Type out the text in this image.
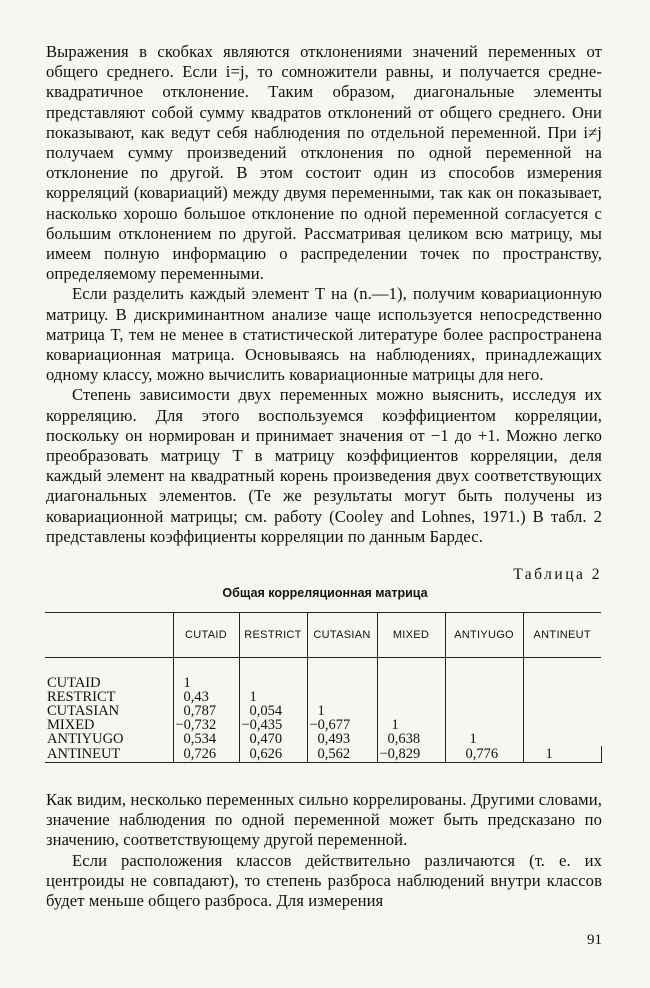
Выражения в скобках являются отклонениями значений переменных от общего среднего. Если i=j, то сомножители равны, и получается средне-квадратичное отклонение. Таким образом, диагональные элементы представляют собой сумму квадратов отклонений от общего среднего. Они показывают, как ведут себя наблюдения по отдельной переменной. При i≠j получаем сумму произведений отклонения по одной переменной на отклонение по другой. В этом состоит один из способов измерения корреляций (ковариаций) между двумя переменными, так как он показывает, насколько хорошо большое отклонение по одной переменной согласуется с большим отклонением по другой. Рассматривая целиком всю матрицу, мы имеем полную информацию о распределении точек по пространству, определяемому переменными.

Если разделить каждый элемент T на (n.—1), получим ковариационную матрицу. В дискриминантном анализе чаще используется непосредственно матрица T, тем не менее в статистической литературе более распространена ковариационная матрица. Основываясь на наблюдениях, принадлежащих одному классу, можно вычислить ковариационные матрицы для него.

Степень зависимости двух переменных можно выяснить, исследуя их корреляцию. Для этого воспользуемся коэффициентом корреляции, поскольку он нормирован и принимает значения от −1 до +1. Можно легко преобразовать матрицу T в матрицу коэффициентов корреляции, деля каждый элемент на квадратный корень произведения двух соответствующих диагональных элементов. (Те же результаты могут быть получены из ковариационной матрицы; см. работу (Cooley and Lohnes, 1971.) В табл. 2 представлены коэффициенты корреляции по данным Бардес.

Таблица 2
Общая корреляционная матрица
	CUTAID	RESTRICT	CUTASIAN	MIXED	ANTIYUGO	ANTINEUT

CUTAID	1					
RESTRICT	0,43	1				
CUTASIAN	0,787	0,054	1			
MIXED	−0,732	−0,435	−0,677	1		
ANTIYUGO	0,534	0,470	0,493	0,638	1	
ANTINEUT	0,726	0,626	0,562	−0,829	0,776	1

Как видим, несколько переменных сильно коррелированы. Другими словами, значение наблюдения по одной переменной может быть предсказано по значению, соответствующему другой переменной.

Если расположения классов действительно различаются (т. е. их центроиды не совпадают), то степень разброса наблюдений внутри классов будет меньше общего разброса. Для измерения

91
